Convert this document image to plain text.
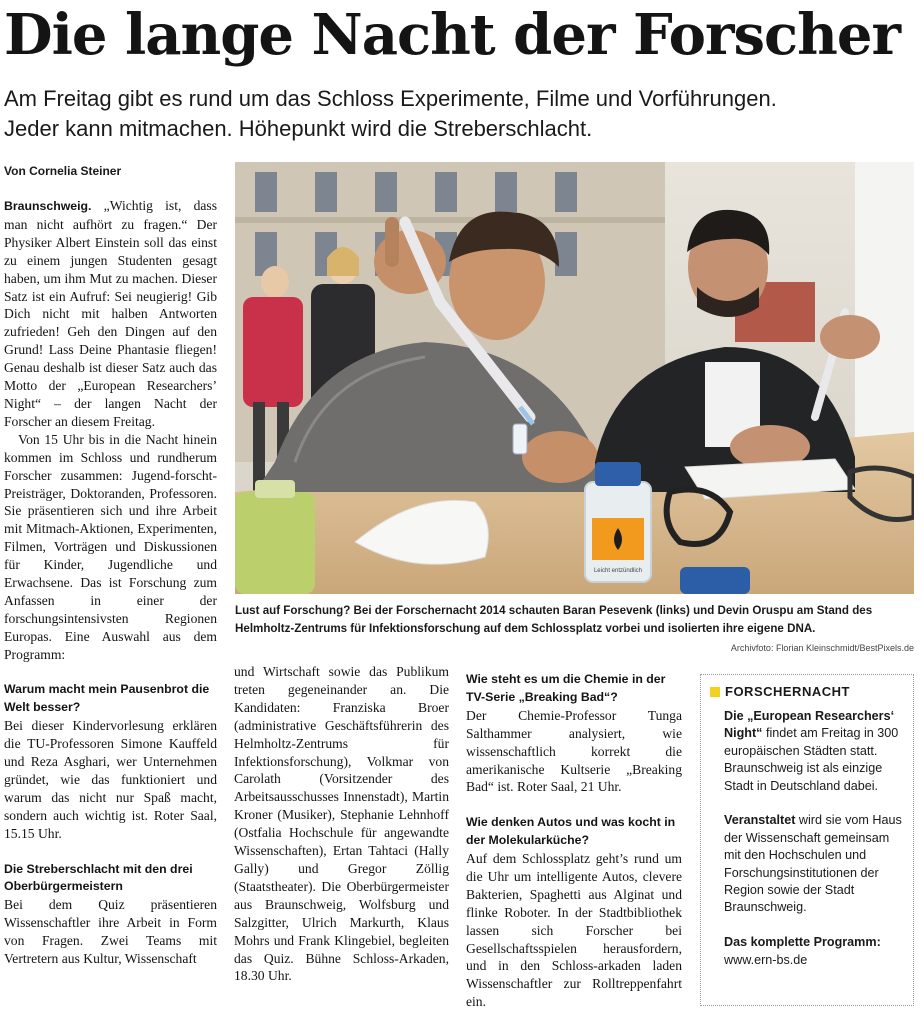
Die lange Nacht der Forscher
Am Freitag gibt es rund um das Schloss Experimente, Filme und Vorführungen.
Jeder kann mitmachen. Höhepunkt wird die Streberschlacht.
Von Cornelia Steiner

Braunschweig. „Wichtig ist, dass man nicht aufhört zu fragen.“ Der Physiker Albert Einstein soll das einst zu einem jungen Studenten gesagt haben, um ihm Mut zu machen. Dieser Satz ist ein Aufruf: Sei neugierig! Gib Dich nicht mit halben Antworten zufrieden! Geh den Dingen auf den Grund! Lass Deine Phantasie fliegen! Genau deshalb ist dieser Satz auch das Motto der „European Researchers’ Night“ – der langen Nacht der Forscher an diesem Freitag.

Von 15 Uhr bis in die Nacht hinein kommen im Schloss und rundherum Forscher zusammen: Jugend-forscht-Preisträger, Doktoranden, Professoren. Sie präsentieren sich und ihre Arbeit mit Mitmach-Aktionen, Experimenten, Filmen, Vorträgen und Diskussionen für Kinder, Jugendliche und Erwachsene. Das ist Forschung zum Anfassen in einer der forschungsintensivsten Regionen Europas. Eine Auswahl aus dem Programm:

Warum macht mein Pausenbrot die Welt besser?

Bei dieser Kindervorlesung erklären die TU-Professoren Simone Kauffeld und Reza Asghari, wer Unternehmen gründet, wie das funktioniert und warum das nicht nur Spaß macht, sondern auch wichtig ist. Roter Saal, 15.15 Uhr.

Die Streberschlacht mit den drei Oberbürgermeistern

Bei dem Quiz präsentieren Wissenschaftler ihre Arbeit in Form von Fragen. Zwei Teams mit Vertretern aus Kultur, Wissenschaft

Leicht entzündlich
Lust auf Forschung? Bei der Forschernacht 2014 schauten Baran Pesevenk (links) und Devin Oruspu am Stand des Helmholtz-Zentrums für Infektionsforschung auf dem Schlossplatz vorbei und isolierten ihre eigene DNA.
Archivfoto: Florian Kleinschmidt/BestPixels.de

und Wirtschaft sowie das Publikum treten gegeneinander an. Die Kandidaten: Franziska Broer (administrative Geschäftsführerin des Helmholtz-Zentrums für Infektionsforschung), Volkmar von Carolath (Vorsitzender des Arbeitsausschusses Innenstadt), Martin Kroner (Musiker), Stephanie Lehnhoff (Ostfalia Hochschule für angewandte Wissenschaften), Ertan Tahtaci (Hally Gally) und Gregor Zöllig (Staatstheater). Die Oberbürgermeister aus Braunschweig, Wolfsburg und Salzgitter, Ulrich Markurth, Klaus Mohrs und Frank Klingebiel, begleiten das Quiz. Bühne Schloss-Arkaden, 18.30 Uhr.

Wie steht es um die Chemie in der TV-Serie „Breaking Bad“?

Der Chemie-Professor Tunga Salthammer analysiert, wie wissenschaftlich korrekt die amerikanische Kultserie „Breaking Bad“ ist. Roter Saal, 21 Uhr.

Wie denken Autos und was kocht in der Molekularküche?

Auf dem Schlossplatz geht’s rund um die Uhr um intelligente Autos, clevere Bakterien, Spaghetti aus Alginat und flinke Roboter. In der Stadtbibliothek lassen sich Forscher bei Gesellschaftsspielen herausfordern, und in den Schloss-arkaden laden Wissenschaftler zur Rolltreppenfahrt ein.

FORSCHERNACHT

Die „European Researchers‘ Night“ findet am Freitag in 300 europäischen Städten statt. Braunschweig ist als einzige Stadt in Deutschland dabei.

Veranstaltet wird sie vom Haus der Wissenschaft gemeinsam mit den Hochschulen und Forschungsinstitutionen der Region sowie der Stadt Braunschweig.

Das komplette Programm: www.ern-bs.de
